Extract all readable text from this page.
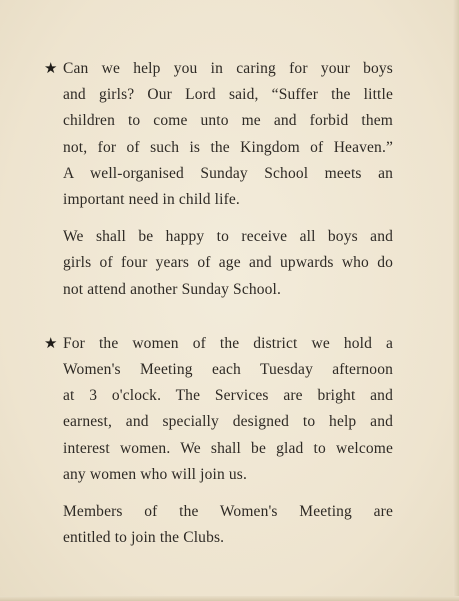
★ Can we help you in caring for your boys
and girls? Our Lord said, “Suffer the little
children to come unto me and forbid them
not, for of such is the Kingdom of Heaven.”
A well-organised Sunday School meets an
important need in child life.

We shall be happy to receive all boys and
girls of four years of age and upwards who do
not attend another Sunday School.

★ For the women of the district we hold a
Women's Meeting each Tuesday afternoon
at 3 o'clock. The Services are bright and
earnest, and specially designed to help and
interest women. We shall be glad to welcome
any women who will join us.

Members of the Women's Meeting are
entitled to join the Clubs.
